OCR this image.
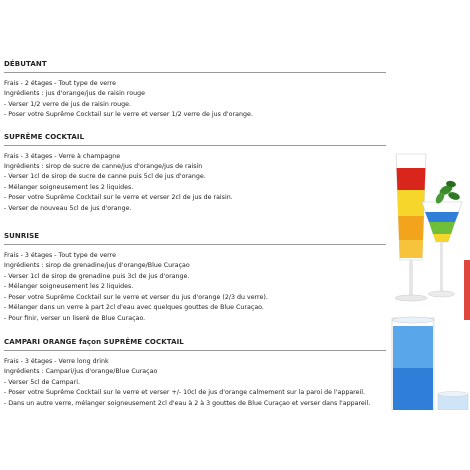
DÉBUTANT
Frais - 2 étages - Tout type de verre
Ingrédients : jus d'orange/jus de raisin rouge
- Verser 1/2 verre de jus de raisin rouge.
- Poser votre Suprême Cocktail sur le verre et verser 1/2 verre de jus d'orange.
SUPRÊME COCKTAIL
Frais - 3 étages - Verre à champagne
Ingrédients : sirop de sucre de canne/jus d'orange/jus de raisin
- Verser 1cl de sirop de sucre de canne puis 5cl de jus d'orange.
- Mélanger soigneusement les 2 liquides.
- Poser votre Suprême Cocktail sur le verre et verser 2cl de jus de raisin.
- Verser de nouveau 5cl de jus d'orange.
SUNRISE
Frais - 3 étages - Tout type de verre
Ingrédients : sirop de grenadine/jus d'orange/Blue Curaçao
- Verser 1cl de sirop de grenadine puis 3cl de jus d'orange.
- Mélanger soigneusement les 2 liquides.
- Poser votre Suprême Cocktail sur le verre et verser du jus d'orange (2/3 du verre).
- Mélanger dans un verre à part 2cl d'eau avec quelques gouttes de Blue Curaçao.
- Pour finir, verser un liseré de Blue Curaçao.
CAMPARI ORANGE façon SUPRÊME COCKTAIL
Frais - 3 étages - Verre long drink
Ingrédients : Campari/jus d'orange/Blue Curaçao
- Verser 5cl de Campari.
- Poser votre Suprême Cocktail sur le verre et verser +/- 10cl de jus d'orange calmement sur la paroi de l'appareil.
- Dans un autre verre, mélanger soigneusement 2cl d'eau à 2 à 3 gouttes de Blue Curaçao et verser dans l'appareil.
